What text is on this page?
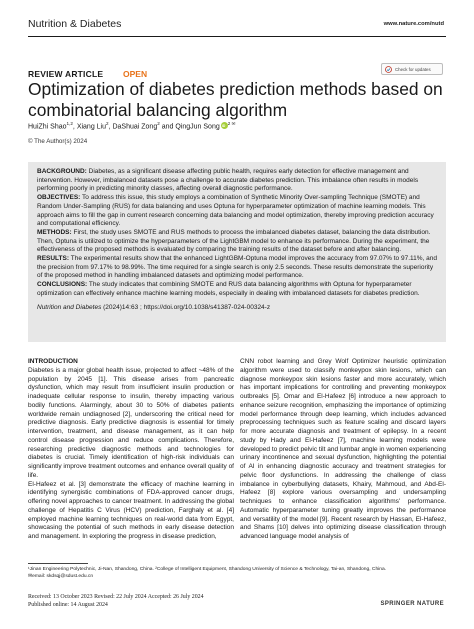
Nutrition & Diabetes	www.nature.com/nutd
REVIEW ARTICLE OPEN	Check for updates
Optimization of diabetes prediction methods based on combinatorial balancing algorithm
HuiZhi Shao$^{1,2}$, Xiang Liu$^2$, DaShuai Zong$^2$ and QingJun SongiD $^{2 ✉}$
© The Author(s) 2024

BACKGROUND: Diabetes, as a significant disease affecting public health, requires early detection for effective management and intervention. However, imbalanced datasets pose a challenge to accurate diabetes prediction. This imbalance often results in models performing poorly in predicting minority classes, affecting overall diagnostic performance.

OBJECTIVES: To address this issue, this study employs a combination of Synthetic Minority Over-sampling Technique (SMOTE) and Random Under-Sampling (RUS) for data balancing and uses Optuna for hyperparameter optimization of machine learning models. This approach aims to fill the gap in current research concerning data balancing and model optimization, thereby improving prediction accuracy and computational efficiency.

METHODS: First, the study uses SMOTE and RUS methods to process the imbalanced diabetes dataset, balancing the data distribution. Then, Optuna is utilized to optimize the hyperparameters of the LightGBM model to enhance its performance. During the experiment, the effectiveness of the proposed methods is evaluated by comparing the training results of the dataset before and after balancing.

RESULTS: The experimental results show that the enhanced LightGBM-Optuna model improves the accuracy from 97.07% to 97.11%, and the precision from 97.17% to 98.99%. The time required for a single search is only 2.5 seconds. These results demonstrate the superiority of the proposed method in handling imbalanced datasets and optimizing model performance.

CONCLUSIONS: The study indicates that combining SMOTE and RUS data balancing algorithms with Optuna for hyperparameter optimization can effectively enhance machine learning models, especially in dealing with imbalanced datasets for diabetes prediction.

Nutrition and Diabetes (2024)14:63 ; https://doi.org/10.1038/s41387-024-00324-z
INTRODUCTION

Diabetes is a major global health issue, projected to affect ~48% of the population by 2045 [1]. This disease arises from pancreatic dysfunction, which may result from insufficient insulin production or inadequate cellular response to insulin, thereby impacting various bodily functions. Alarmingly, about 30 to 50% of diabetes patients worldwide remain undiagnosed [2], underscoring the critical need for predictive diagnosis. Early predictive diagnosis is essential for timely intervention, treatment, and disease management, as it can help control disease progression and reduce complications. Therefore, researching predictive diagnostic methods and technologies for diabetes is crucial. Timely identification of high-risk individuals can significantly improve treatment outcomes and enhance overall quality of life.

El-Hafeez et al. [3] demonstrate the efficacy of machine learning in identifying synergistic combinations of FDA-approved cancer drugs, offering novel approaches to cancer treatment. In addressing the global challenge of Hepatitis C Virus (HCV) prediction, Farghaly et al. [4] employed machine learning techniques on real-world data from Egypt, showcasing the potential of such methods in early disease detection and management. In exploring the progress in disease prediction,

CNN robot learning and Grey Wolf Optimizer heuristic optimization algorithm were used to classify monkeypox skin lesions, which can diagnose monkeypox skin lesions faster and more accurately, which has important implications for controlling and preventing monkeypox outbreaks [5]. Omar and El-Hafeez [6] introduce a new approach to enhance seizure recognition, emphasizing the importance of optimizing model performance through deep learning, which includes advanced preprocessing techniques such as feature scaling and discard layers for more accurate diagnosis and treatment of epilepsy. In a recent study by Hady and El-Hafeez [7], machine learning models were developed to predict pelvic tilt and lumbar angle in women experiencing urinary incontinence and sexual dysfunction, highlighting the potential of AI in enhancing diagnostic accuracy and treatment strategies for pelvic floor dysfunctions. In addressing the challenge of class imbalance in cyberbullying datasets, Khairy, Mahmoud, and Abd-El-Hafeez [8] explore various oversampling and undersampling techniques to enhance classification algorithms' performance. Automatic hyperparameter tuning greatly improves the performance and versatility of the model [9]. Recent research by Hassan, El-Hafeez, and Shams [10] delves into optimizing disease classification through advanced language model analysis of

¹Jinan Engineering Polytechnic, Ji-Nan, Shandong, China. ²College of Intelligent Equipment, Shandong University of Science & Technology, Tai-an, Shandong, China.
✉email: skdsqj@sdust.edu.cn
Received: 13 October 2023 Revised: 22 July 2024 Accepted: 26 July 2024
Published online: 14 August 2024	SPRINGER NATURE
